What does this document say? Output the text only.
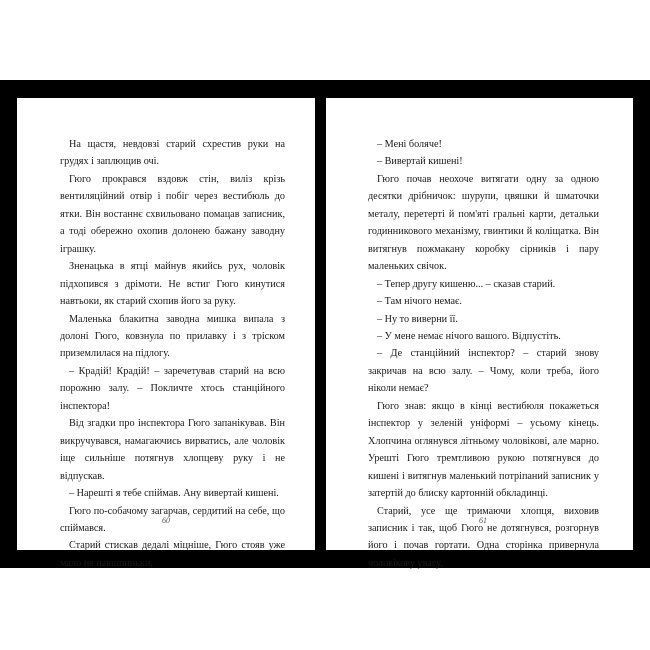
На щастя, невдовзі старий схрестив руки на грудях і заплющив очі.

Гюго прокрався вздовж стін, виліз крізь вентиляційний отвір і побіг через вестибюль до ятки. Він востаннє схвильовано помацав записник, а тоді обережно охопив долонею бажану заводну іграшку.

Зненацька в ятці майнув якийсь рух, чоловік підхопився з дрімоти. Не встиг Гюго кинутися навтьоки, як старий схопив його за руку.

Маленька блакитна заводна мишка випала з долоні Гюго, ковзнула по прилавку і з тріском приземлилася на підлогу.

– Крадій! Крадій! – заречетував старий на всю порожню залу. – Покличте хтось станційного інспектора!

Від згадки про інспектора Гюго запанікував. Він викручувався, намагаючись вирватись, але чоловік іще сильніше потягнув хлопцеву руку і не відпускав.

– Нарешті я тебе спіймав. Ану вивертай кишені.

Гюго по-собачому загарчав, сердитий на себе, що спіймався.

Старий стискав дедалі міцніше, Гюго стояв уже мало не навшпиньки.

60

– Мені боляче!

– Вивертай кишені!

Гюго почав неохоче витягати одну за одною десятки дрібничок: шурупи, цвяшки й шматочки металу, перетерті й пом'яті гральні карти, детальки годинникового механізму, гвинтики й коліщатка. Він витягнув пожмакану коробку сірників і пару маленьких свічок.

– Тепер другу кишеню... – сказав старий.

– Там нічого немає.

– Ну то виверни її.

– У мене немає нічого вашого. Відпустіть.

– Де станційний інспектор? – старий знову закричав на всю залу. – Чому, коли треба, його ніколи немає?

Гюго знав: якщо в кінці вестибюля покажеться інспектор у зеленій уніформі – усьому кінець. Хлопчина оглянувся літньому чоловікові, але марно. Урешті Гюго тремтливою рукою потягнувся до кишені і витягнув маленький потріпаний записник у затертій до блиску картонній обкладинці.

Старий, усе ще тримаючи хлопця, виховив записник і так, щоб Гюго не дотягнувся, розгорнув його і почав гортати. Одна сторінка привернула чоловікову увагу.

61
